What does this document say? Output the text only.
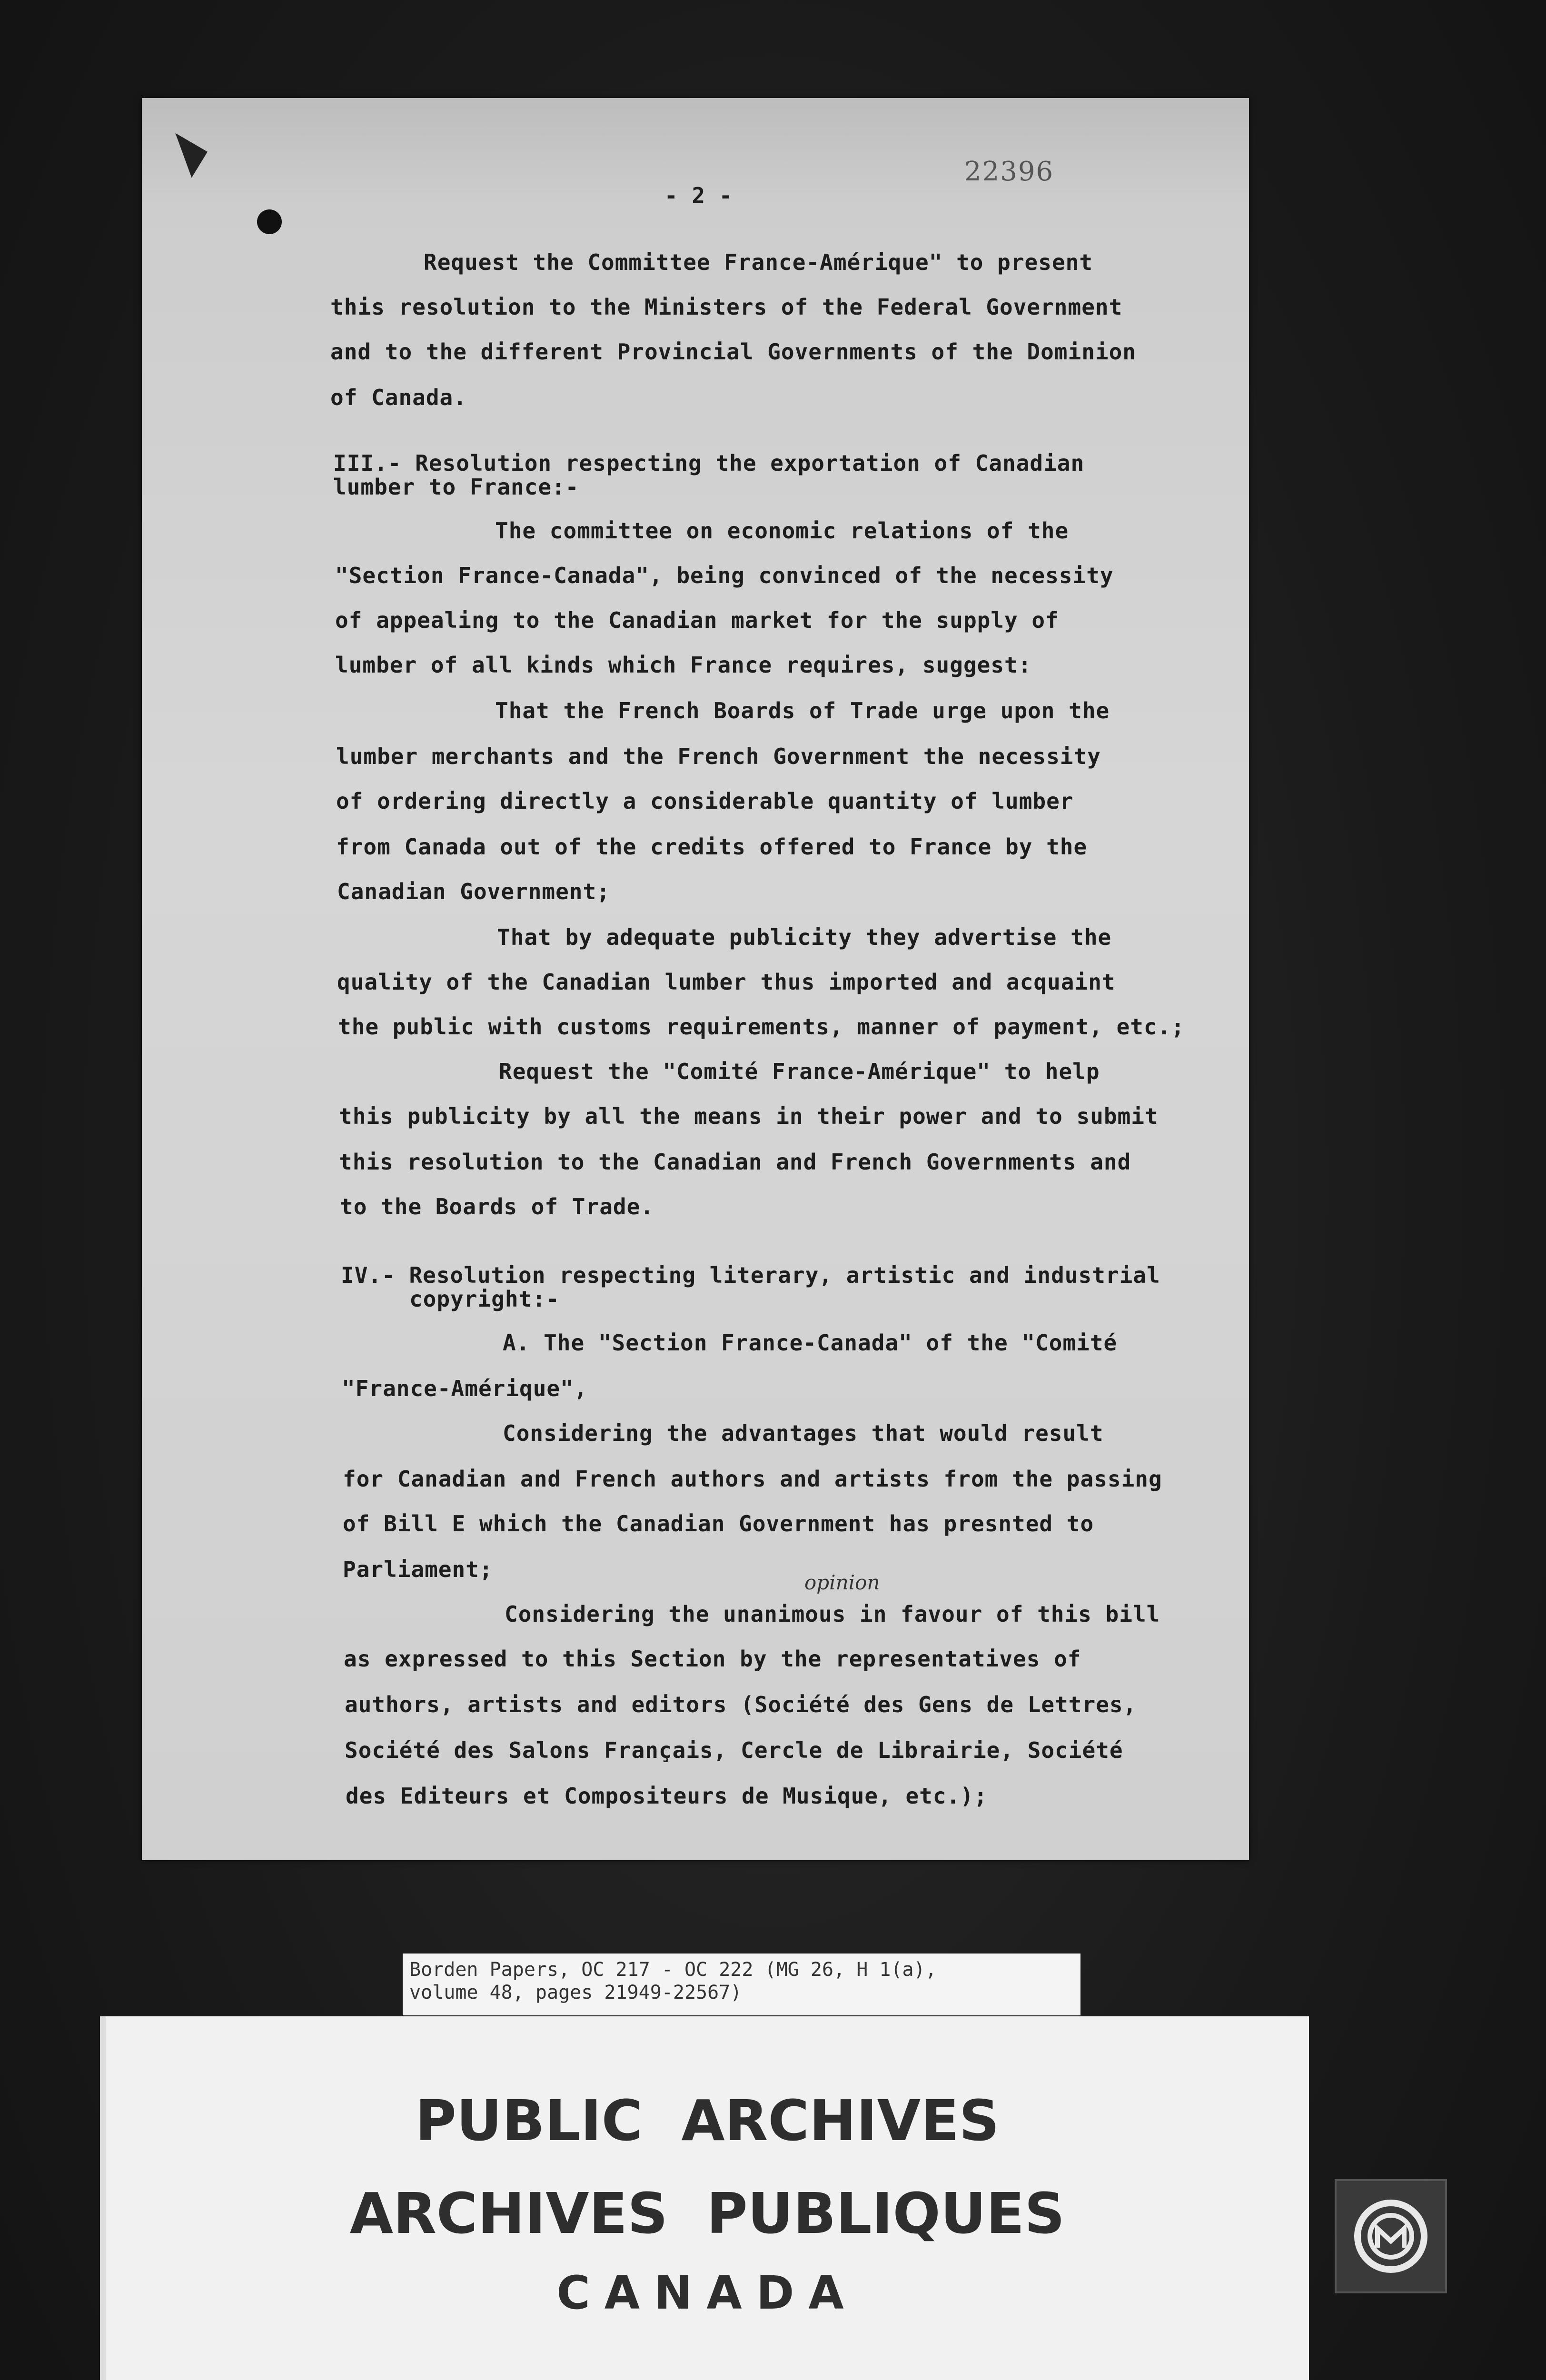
- 2 -
22396
Request the Committee France-Amérique" to present
this resolution to the Ministers of the Federal Government
and to the different Provincial Governments of the Dominion
of Canada.
III.- Resolution respecting the exportation of Canadian
lumber to France:-
The committee on economic relations of the
"Section France-Canada", being convinced of the necessity
of appealing to the Canadian market for the supply of
lumber of all kinds which France requires, suggest:
That the French Boards of Trade urge upon the
lumber merchants and the French Government the necessity
of ordering directly a considerable quantity of lumber
from Canada out of the credits offered to France by the
Canadian Government;
That by adequate publicity they advertise the
quality of the Canadian lumber thus imported and acquaint
the public with customs requirements, manner of payment, etc.;
Request the "Comité France-Amérique" to help
this publicity by all the means in their power and to submit
this resolution to the Canadian and French Governments and
to the Boards of Trade.
IV.- Resolution respecting literary, artistic and industrial
copyright:-
A. The "Section France-Canada" of the "Comité
"France-Amérique",
Considering the advantages that would result
for Canadian and French authors and artists from the passing
of Bill E which the Canadian Government has presnted to
Parliament;
opinion
Considering the unanimous in favour of this bill
as expressed to this Section by the representatives of
authors, artists and editors (Société des Gens de Lettres,
Société des Salons Français, Cercle de Librairie, Société
des Editeurs et Compositeurs de Musique, etc.);
Borden Papers, OC 217 - OC 222 (MG 26, H 1(a),
volume 48, pages 21949-22567)
PUBLIC ARCHIVES
ARCHIVES PUBLIQUES
CANADA
